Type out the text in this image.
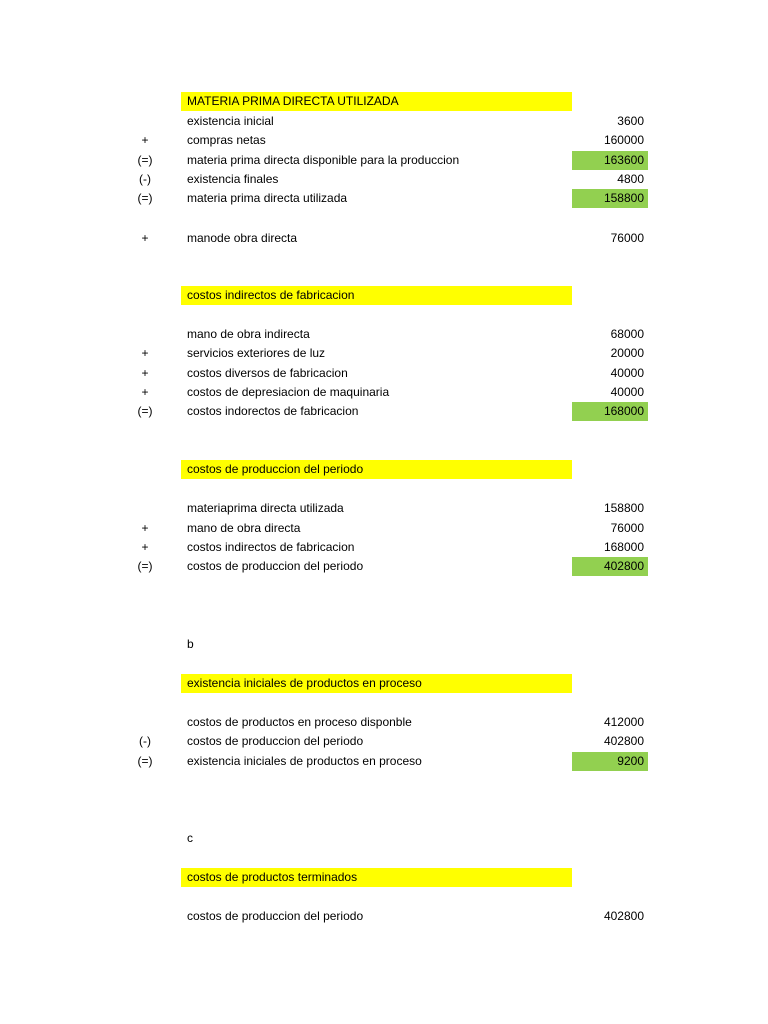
MATERIA PRIMA DIRECTA UTILIZADA
existencia inicial	3600
+	compras netas	160000
(=)	materia prima directa disponible para la produccion	163600
(-)	existencia finales	4800
(=)	materia prima directa utilizada	158800
+	manode obra directa	76000
costos indirectos de fabricacion
mano de obra indirecta	68000
+	servicios exteriores de luz	20000
+	costos diversos de fabricacion	40000
+	costos de depresiacion de maquinaria	40000
(=)	costos indorectos de fabricacion	168000
costos de produccion del periodo
materiaprima directa utilizada	158800
+	mano de obra directa	76000
+	costos indirectos de fabricacion	168000
(=)	costos de produccion del periodo	402800
b
existencia iniciales de productos en proceso
costos de productos en proceso disponble	412000
(-)	costos de produccion del periodo	402800
(=)	existencia iniciales de productos en proceso	9200
c
costos de productos terminados
costos de produccion del periodo	402800
